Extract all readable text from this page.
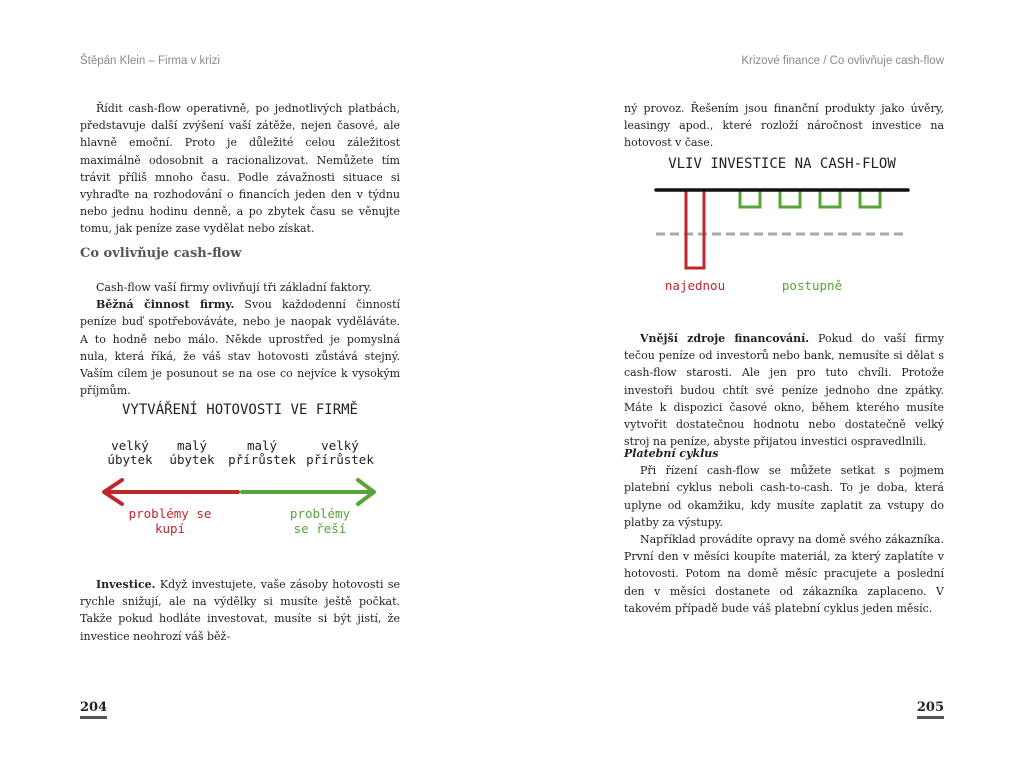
Štěpán Klein – Firma v krizi

Řídit cash-flow operativně, po jednotlivých platbách, představuje další zvýšení vaší zátěže, nejen časové, ale hlavně emoční. Proto je důležité celou záležitost maximálně odosobnit a racionalizovat. Nemůžete tím trávit příliš mnoho času. Podle závažnosti situace si vyhraďte na rozhodování o financích jeden den v týdnu nebo jednu hodinu denně, a po zbytek času se věnujte tomu, jak peníze zase vydělat nebo získat.

Co ovlivňuje cash-flow

Cash-flow vaší firmy ovlivňují tři základní faktory.

Běžná činnost firmy. Svou každodenní činností peníze buď spotřebováváte, nebo je naopak vyděláváte. A to hodně nebo málo. Někde uprostřed je pomyslná nula, která říká, že váš stav hotovosti zůstává stejný. Vaším cílem je posunout se na ose co nejvíce k vysokým příjmům.

VYTVÁŘENÍ HOTOVOSTI VE FIRMĚ
velký
úbytek
malý
úbytek
malý
přírůstek
velký
přírůstek
problémy se
kupí
problémy
se řeší

Investice. Když investujete, vaše zásoby hotovosti se rychle snižují, ale na výdělky si musíte ještě počkat. Takže pokud hodláte investovat, musíte si být jistí, že investice neohrozí váš běž-

204
Krizové finance / Co ovlivňuje cash-flow

ný provoz. Řešením jsou finanční produkty jako úvěry, leasingy apod., které rozloží náročnost investice na hotovost v čase.

VLIV INVESTICE NA CASH-FLOW
najednou	postupně

Vnější zdroje financování. Pokud do vaší firmy tečou peníze od investorů nebo bank, nemusíte si dělat s cash-flow starosti. Ale jen pro tuto chvíli. Protože investoři budou chtít své peníze jednoho dne zpátky. Máte k dispozici časové okno, během kterého musíte vytvořit dostatečnou hodnotu nebo dostatečně velký stroj na peníze, abyste přijatou investici ospravedlnili.

Platební cyklus

Při řízení cash-flow se můžete setkat s pojmem platební cyklus neboli cash-to-cash. To je doba, která uplyne od okamžiku, kdy musíte zaplatit za vstupy do platby za výstupy.

Například provádíte opravy na domě svého zákazníka. První den v měsíci koupíte materiál, za který zaplatíte v hotovosti. Potom na domě měsíc pracujete a poslední den v měsíci dostanete od zákazníka zaplaceno. V takovém případě bude váš platební cyklus jeden měsíc.

205
